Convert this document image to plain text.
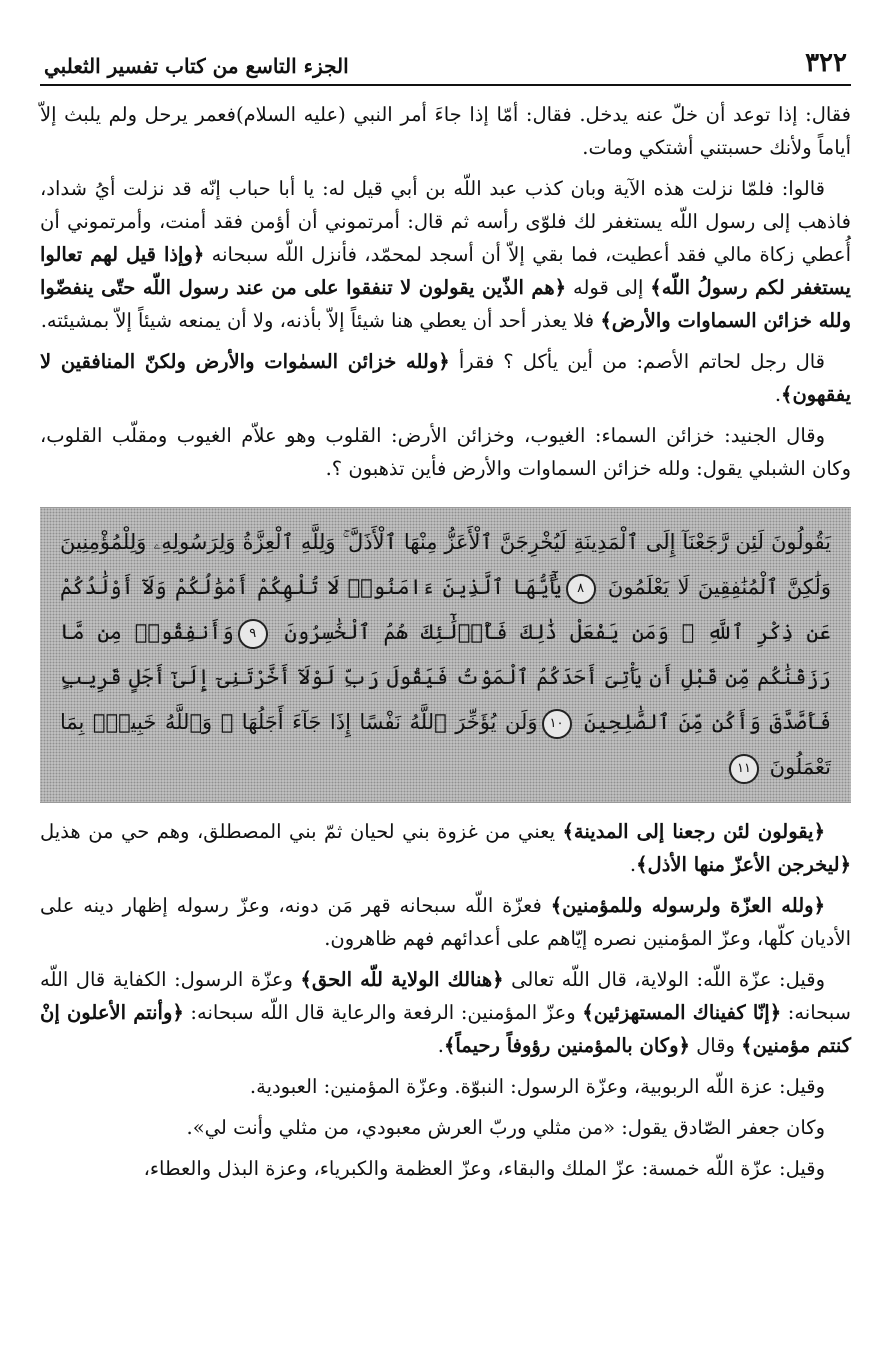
٣٢٢
الجزء التاسع من كتاب تفسير الثعلبي

فقال: إذا توعد أن خلّ عنه يدخل. فقال: أمّا إذا جاءَ أمر النبي (عليه السلام)فعمر يرحل ولم يلبث إلاّ أياماً ولأنك حسبتني أشتكي ومات.

قالوا: فلمّا نزلت هذه الآية وبان كذب عبد اللّه بن أبي قيل له: يا أبا حباب إنّه قد نزلت أيُ شداد، فاذهب إلى رسول اللّه يستغفر لك فلوّى رأسه ثم قال: أمرتموني أن أؤمن فقد أمنت، وأمرتموني أن أُعطي زكاة مالي فقد أعطيت، فما بقي إلاّ أن أسجد لمحمّد، فأنزل اللّه سبحانه ﴿وإذا قيل لهم تعالوا يستغفر لكم رسولُ اللّه﴾ إلى قوله ﴿هم الذّين يقولون لا تنفقوا على من عند رسول اللّه حتّى ينفضّوا ولله خزائن السماوات والأرض﴾ فلا يعذر أحد أن يعطي هنا شيئاً إلاّ بأذنه، ولا أن يمنعه شيئاً إلاّ بمشيئته.

قال رجل لحاتم الأصم: من أين يأكل ؟ فقرأ ﴿ولله خزائن السمٰوات والأرض ولكنّ المنافقين لا يفقهون﴾.

وقال الجنيد: خزائن السماء: الغيوب، وخزائن الأرض: القلوب وهو علاّم الغيوب ومقلّب القلوب، وكان الشبلي يقول: ولله خزائن السماوات والأرض فأين تذهبون ؟.

يَقُولُونَ لَئِن رَّجَعْنَآ إِلَى ٱلْمَدِينَةِ لَيُخْرِجَنَّ ٱلْأَعَزُّ مِنْهَا ٱلْأَذَلَّ ۚ وَلِلَّهِ ٱلْعِزَّةُ وَلِرَسُولِهِۦ وَلِلْمُؤْمِنِينَ وَلَٰكِنَّ ٱلْمُنَٰفِقِينَ لَا يَعْلَمُونَ ٨يَٰٓأَيُّهَا ٱلَّذِينَ ءَامَنُوا۟ لَا تُلْهِكُمْ أَمْوَٰلُكُمْ وَلَآ أَوْلَٰدُكُمْ عَن ذِكْرِ ٱللَّهِ ۚ وَمَن يَفْعَلْ ذَٰلِكَ فَأُو۟لَٰٓئِكَ هُمُ ٱلْخَٰسِرُونَ ٩وَأَنفِقُوا۟ مِن مَّا رَزَقْنَٰكُم مِّن قَبْلِ أَن يَأْتِىَ أَحَدَكُمُ ٱلْمَوْتُ فَيَقُولَ رَبِّ لَوْلَآ أَخَّرْتَنِىٓ إِلَىٰٓ أَجَلٍ قَرِيبٍ فَأَصَّدَّقَ وَأَكُن مِّنَ ٱلصَّٰلِحِينَ ١٠وَلَن يُؤَخِّرَ ٱللَّهُ نَفْسًا إِذَا جَآءَ أَجَلُهَا ۚ وَٱللَّهُ خَبِيرٌۢ بِمَا تَعْمَلُونَ ١١

﴿يقولون لئن رجعنا إلى المدينة﴾ يعني من غزوة بني لحيان ثمّ بني المصطلق، وهم حي من هذيل ﴿ليخرجن الأعزّ منها الأذل﴾.

﴿ولله العزّة ولرسوله وللمؤمنين﴾ فعزّة اللّه سبحانه قهر مَن دونه، وعزّ رسوله إظهار دينه على الأديان كلّها، وعزّ المؤمنين نصره إيّاهم على أعدائهم فهم ظاهرون.

وقيل: عزّة اللّه: الولاية، قال اللّه تعالى ﴿هنالك الولاية للّه الحق﴾ وعزّة الرسول: الكفاية قال اللّه سبحانه: ﴿إنّا كفيناك المستهزئين﴾ وعزّ المؤمنين: الرفعة والرعاية قال اللّه سبحانه: ﴿وأنتم الأعلون إنْ كنتم مؤمنين﴾ وقال ﴿وكان بالمؤمنين رؤوفاً رحيماً﴾.

وقيل: عزة اللّه الربوبية، وعزّة الرسول: النبوّة. وعزّة المؤمنين: العبودية.

وكان جعفر الصّادق يقول: «من مثلي وربّ العرش معبودي، من مثلي وأنت لي».

وقيل: عزّة اللّه خمسة: عزّ الملك والبقاء، وعزّ العظمة والكبرياء، وعزة البذل والعطاء،
